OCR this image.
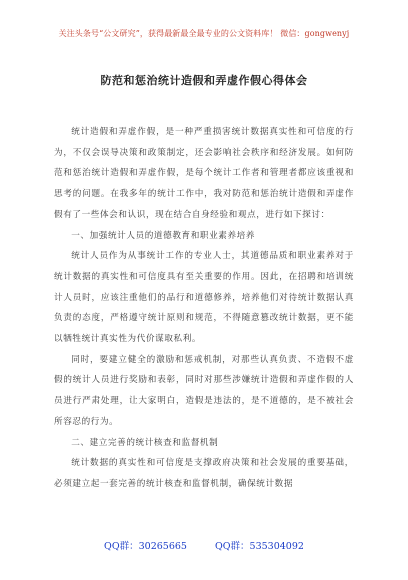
关注头条号“公文研究”，获得最新最全最专业的公文资料库！ 微信：gongwenyj
防范和惩治统计造假和弄虚作假心得体会

统计造假和弄虚作假，是一种严重损害统计数据真实性和可信度的行为，不仅会误导决策和政策制定，还会影响社会秩序和经济发展。如何防范和惩治统计造假和弄虚作假，是每个统计工作者和管理者都应该重视和思考的问题。在我多年的统计工作中，我对防范和惩治统计造假和弄虚作假有了一些体会和认识，现在结合自身经验和观点，进行如下探讨：

一、加强统计人员的道德教育和职业素养培养

统计人员作为从事统计工作的专业人士，其道德品质和职业素养对于统计数据的真实性和可信度具有至关重要的作用。因此，在招聘和培训统计人员时，应该注重他们的品行和道德修养，培养他们对待统计数据认真负责的态度，严格遵守统计原则和规范，不得随意篡改统计数据，更不能以牺牲统计真实性为代价谋取私利。

同时，要建立健全的激励和惩戒机制，对那些认真负责、不造假不虚假的统计人员进行奖励和表彰，同时对那些涉嫌统计造假和弄虚作假的人员进行严肃处理，让大家明白，造假是违法的，是不道德的，是不被社会所容忍的行为。

二、建立完善的统计核查和监督机制

统计数据的真实性和可信度是支撑政府决策和社会发展的重要基础，必须建立起一套完善的统计核查和监督机制，确保统计数据

QQ群：30265665	QQ群：535304092
